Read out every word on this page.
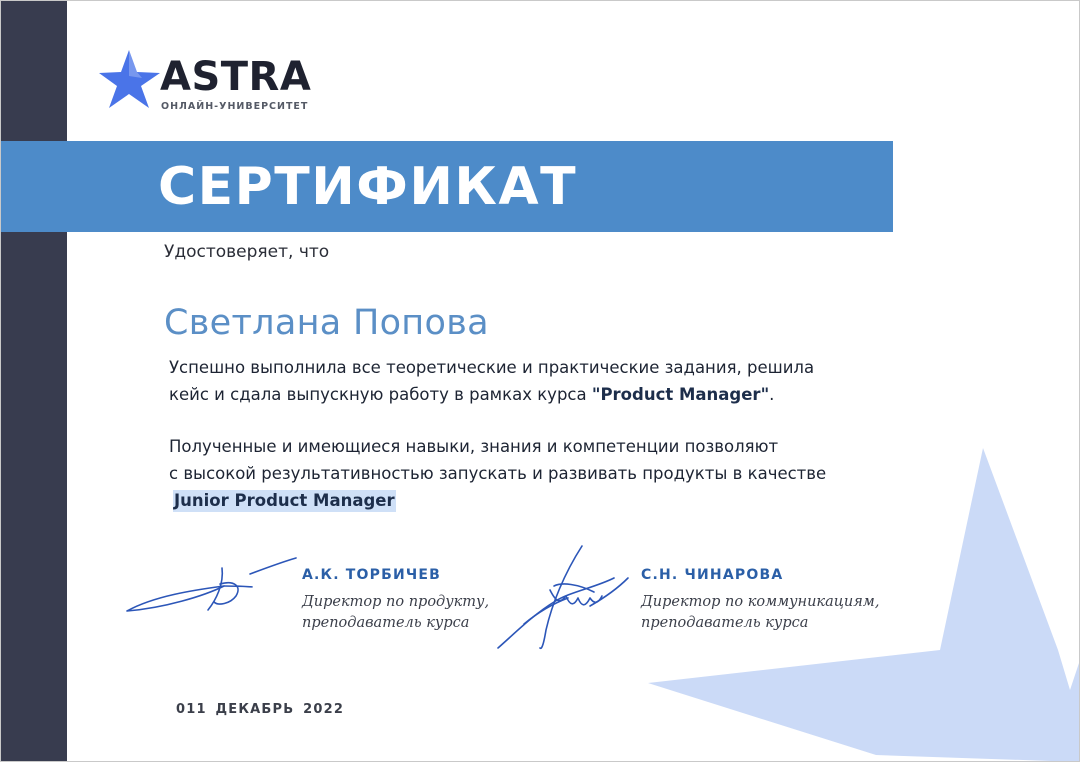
ASTRA
ОНЛАЙН-УНИВЕРСИТЕТ
СЕРТИФИКАТ
Удостоверяет, что
Светлана Попова
Успешно выполнила все теоретические и практические задания, решила
кейс и сдала выпускную работу в рамках курса "Product Manager".
Полученные и имеющиеся навыки, знания и компетенции позволяют
с высокой результативностью запускать и развивать продукты в качестве
Junior Product Manager
А.К. ТОРБИЧЕВ
Директор по продукту,
преподаватель курса
С.Н. ЧИНАРОВА
Директор по коммуникациям,
преподаватель курса
011 ДЕКАБРЬ 2022
